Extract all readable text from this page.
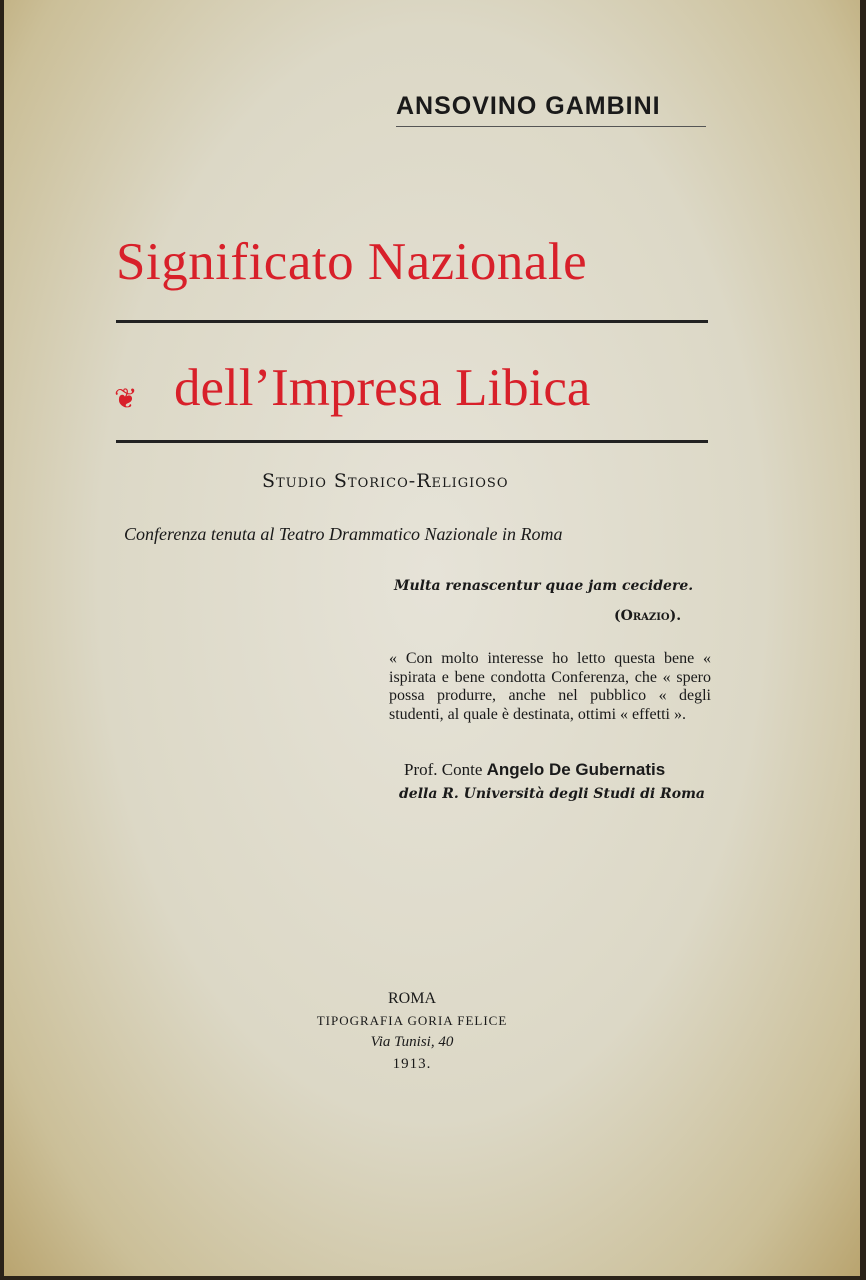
ANSOVINO GAMBINI
Significato Nazionale
❦ dell’Impresa Libica
Studio Storico-Religioso
Conferenza tenuta al Teatro Drammatico Nazionale in Roma
Multa renascentur quae jam cecidere.
(Orazio).
« Con molto interesse ho letto questa bene « ispirata e bene condotta Conferenza, che « spero possa produrre, anche nel pubblico « degli studenti, al quale è destinata, ottimi « effetti ».
Prof. Conte Angelo De Gubernatis
della R. Università degli Studi di Roma
ROMA
TIPOGRAFIA GORIA FELICE
Via Tunisi, 40
1913.
